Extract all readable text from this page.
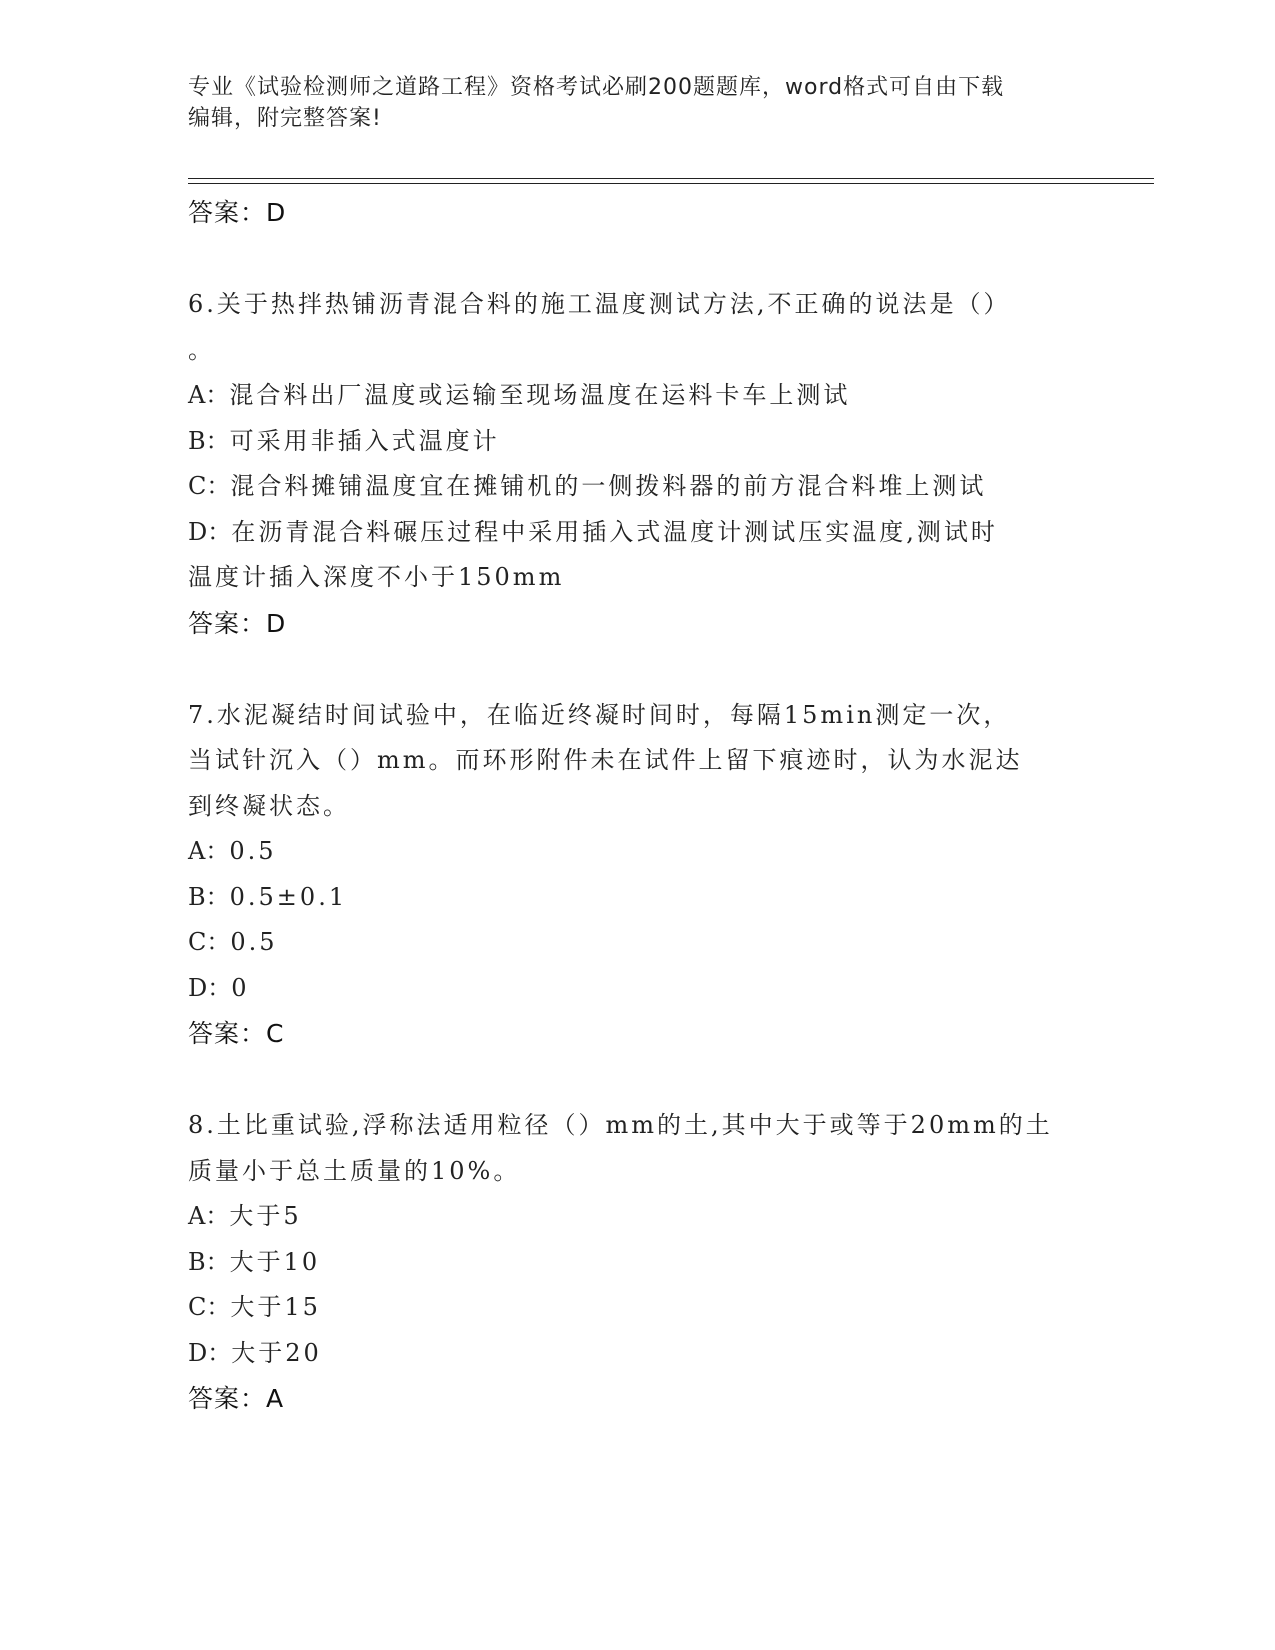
专业《试验检测师之道路工程》资格考试必刷200题题库，word格式可自由下载
编辑，附完整答案!
答案：D
6.关于热拌热铺沥青混合料的施工温度测试方法,不正确的说法是（）
。
A：混合料出厂温度或运输至现场温度在运料卡车上测试
B：可采用非插入式温度计
C：混合料摊铺温度宜在摊铺机的一侧拨料器的前方混合料堆上测试
D：在沥青混合料碾压过程中采用插入式温度计测试压实温度,测试时
温度计插入深度不小于150mm
答案：D
7.水泥凝结时间试验中，在临近终凝时间时，每隔15min测定一次，
当试针沉入（）mm。而环形附件未在试件上留下痕迹时，认为水泥达
到终凝状态。
A：0.5
B：0.5±0.1
C：0.5
D：0
答案：C
8.土比重试验,浮称法适用粒径（）mm的土,其中大于或等于20mm的土
质量小于总土质量的10%。
A：大于5
B：大于10
C：大于15
D：大于20
答案：A
